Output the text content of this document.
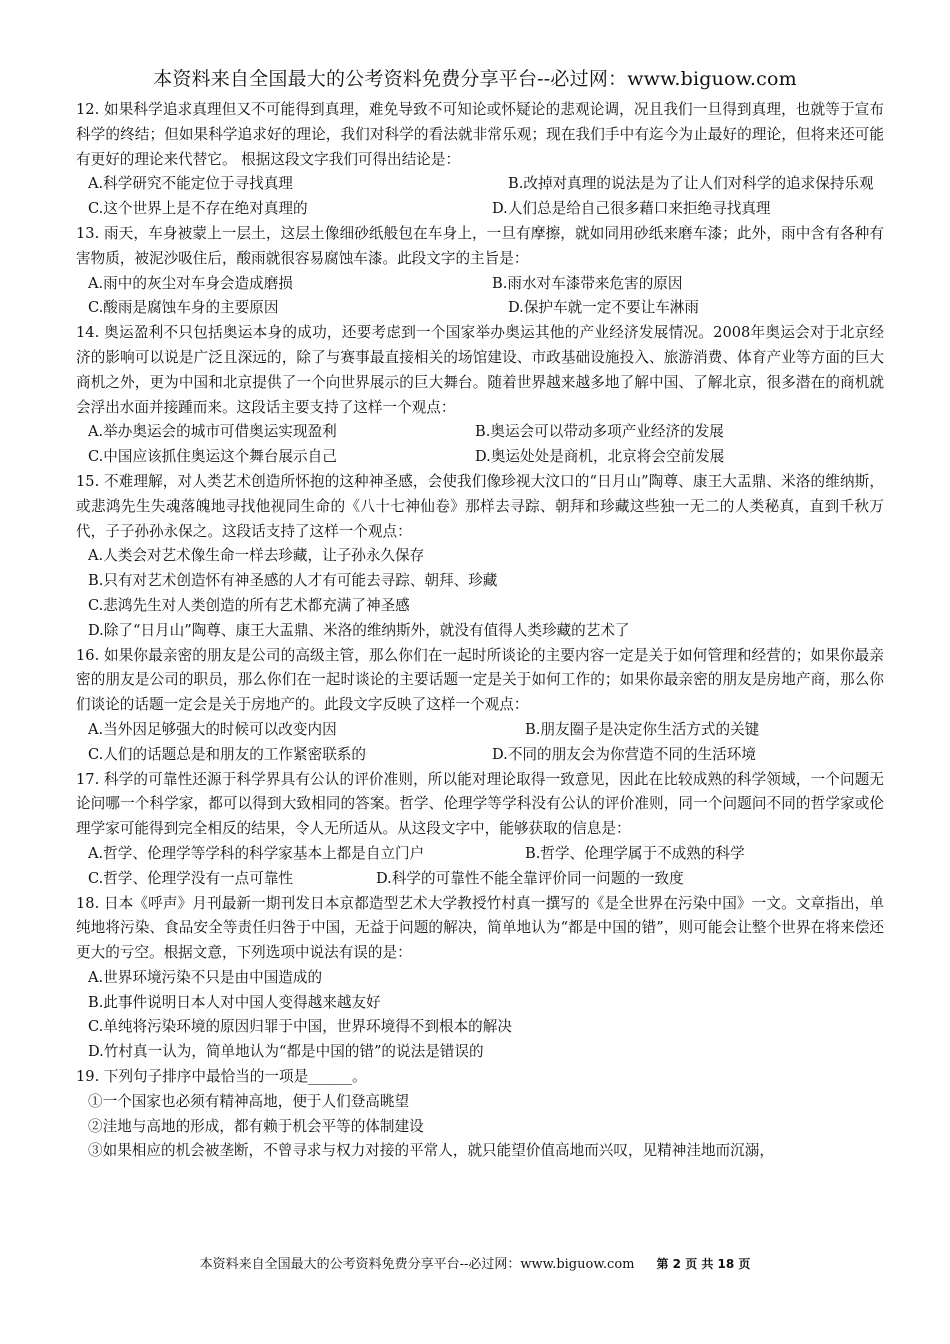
本资料来自全国最大的公考资料免费分享平台--必过网：www.biguow.com

12. 如果科学追求真理但又不可能得到真理，难免导致不可知论或怀疑论的悲观论调，况且我们一旦得到真理，也就等于宣布科学的终结；但如果科学追求好的理论，我们对科学的看法就非常乐观；现在我们手中有迄今为止最好的理论，但将来还可能有更好的理论来代替它。 根据这段文字我们可得出结论是：

A.科学研究不能定位于寻找真理	B.改掉对真理的说法是为了让人们对科学的追求保持乐观
C.这个世界上是不存在绝对真理的	D.人们总是给自己很多藉口来拒绝寻找真理

13. 雨天，车身被蒙上一层土，这层土像细砂纸般包在车身上，一旦有摩擦，就如同用砂纸来磨车漆；此外，雨中含有各种有害物质，被泥沙吸住后，酸雨就很容易腐蚀车漆。此段文字的主旨是：

A.雨中的灰尘对车身会造成磨损	B.雨水对车漆带来危害的原因
C.酸雨是腐蚀车身的主要原因	D.保护车就一定不要让车淋雨

14. 奥运盈利不只包括奥运本身的成功，还要考虑到一个国家举办奥运其他的产业经济发展情况。2008年奥运会对于北京经济的影响可以说是广泛且深远的，除了与赛事最直接相关的场馆建设、市政基础设施投入、旅游消费、体育产业等方面的巨大商机之外，更为中国和北京提供了一个向世界展示的巨大舞台。随着世界越来越多地了解中国、了解北京，很多潜在的商机就会浮出水面并接踵而来。这段话主要支持了这样一个观点：

A.举办奥运会的城市可借奥运实现盈利	B.奥运会可以带动多项产业经济的发展
C.中国应该抓住奥运这个舞台展示自己	D.奥运处处是商机，北京将会空前发展

15. 不难理解，对人类艺术创造所怀抱的这种神圣感，会使我们像珍视大汶口的“日月山”陶尊、康王大盂鼎、米洛的维纳斯，或悲鸿先生失魂落魄地寻找他视同生命的《八十七神仙卷》那样去寻踪、朝拜和珍藏这些独一无二的人类秘真，直到千秋万代，子子孙孙永保之。这段话支持了这样一个观点：

A.人类会对艺术像生命一样去珍藏，让子孙永久保存
B.只有对艺术创造怀有神圣感的人才有可能去寻踪、朝拜、珍藏
C.悲鸿先生对人类创造的所有艺术都充满了神圣感
D.除了“日月山”陶尊、康王大盂鼎、米洛的维纳斯外，就没有值得人类珍藏的艺术了

16. 如果你最亲密的朋友是公司的高级主管，那么你们在一起时所谈论的主要内容一定是关于如何管理和经营的；如果你最亲密的朋友是公司的职员，那么你们在一起时谈论的主要话题一定是关于如何工作的；如果你最亲密的朋友是房地产商，那么你们谈论的话题一定会是关于房地产的。此段文字反映了这样一个观点：

A.当外因足够强大的时候可以改变内因	B.朋友圈子是决定你生活方式的关键
C.人们的话题总是和朋友的工作紧密联系的	D.不同的朋友会为你营造不同的生活环境

17. 科学的可靠性还源于科学界具有公认的评价准则，所以能对理论取得一致意见，因此在比较成熟的科学领域，一个问题无论问哪一个科学家，都可以得到大致相同的答案。哲学、伦理学等学科没有公认的评价准则，同一个问题问不同的哲学家或伦理学家可能得到完全相反的结果，令人无所适从。从这段文字中，能够获取的信息是：

A.哲学、伦理学等学科的科学家基本上都是自立门户	B.哲学、伦理学属于不成熟的科学
C.哲学、伦理学没有一点可靠性	D.科学的可靠性不能全靠评价同一问题的一致度

18. 日本《呼声》月刊最新一期刊发日本京都造型艺术大学教授竹村真一撰写的《是全世界在污染中国》一文。文章指出，单纯地将污染、食品安全等责任归咎于中国，无益于问题的解决，简单地认为“都是中国的错”，则可能会让整个世界在将来偿还更大的亏空。根据文意，下列选项中说法有误的是：

A.世界环境污染不只是由中国造成的
B.此事件说明日本人对中国人变得越来越友好
C.单纯将污染环境的原因归罪于中国，世界环境得不到根本的解决
D.竹村真一认为，简单地认为“都是中国的错”的说法是错误的

19. 下列句子排序中最恰当的一项是______。

①一个国家也必须有精神高地，便于人们登高眺望
②洼地与高地的形成，都有赖于机会平等的体制建设
③如果相应的机会被垄断，不曾寻求与权力对接的平常人，就只能望价值高地而兴叹，见精神洼地而沉溺，
本资料来自全国最大的公考资料免费分享平台--必过网：www.biguow.com 第 2 页 共 18 页
